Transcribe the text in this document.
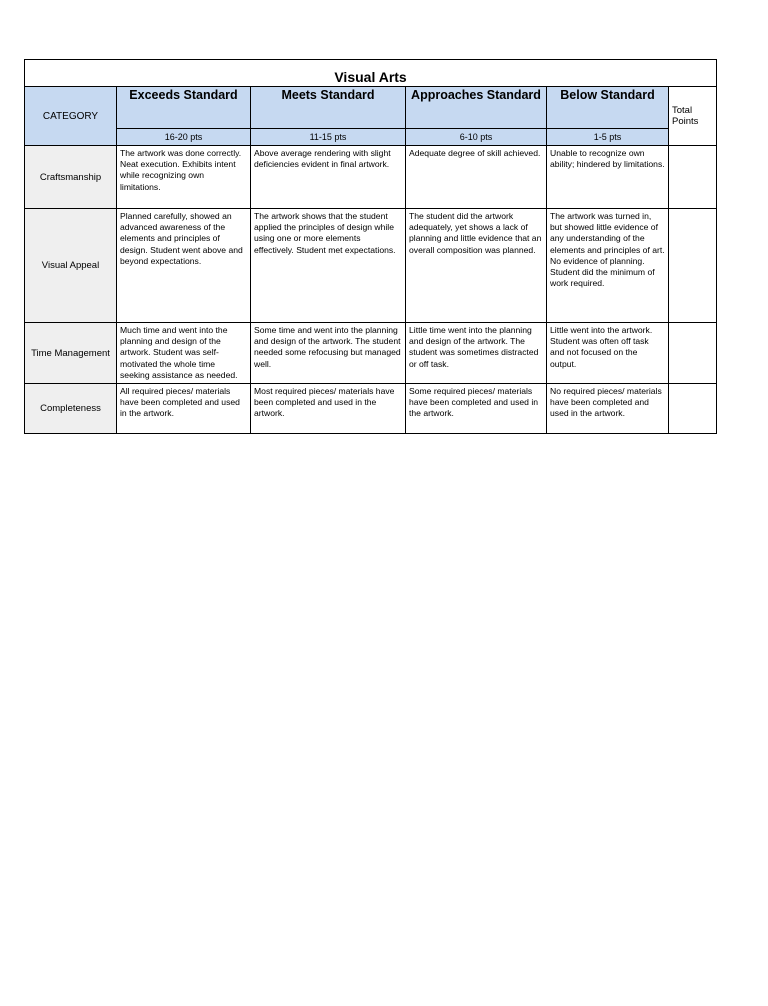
Visual Arts					
CATEGORY	Exceeds Standard	Meets Standard	Approaches Standard	Below Standard	Total Points
	16-20 pts	11-15 pts	6-10 pts	1-5 pts	
Craftsmanship	The artwork was done correctly. Neat execution. Exhibits intent while recognizing own limitations.	Above average rendering with slight deficiencies evident in final artwork.	Adequate degree of skill achieved.	Unable to recognize own ability; hindered by limitations.	
Visual Appeal	Planned carefully, showed an advanced awareness of the elements and principles of design. Student went above and beyond expectations.	The artwork shows that the student applied the principles of design while using one or more elements effectively. Student met expectations.	The student did the artwork adequately, yet shows a lack of planning and little evidence that an overall composition was planned.	The artwork was turned in, but showed little evidence of any understanding of the elements and principles of art. No evidence of planning. Student did the minimum of work required.	
Time Management	Much time and went into the planning and design of the artwork. Student was self-motivated the whole time seeking assistance as needed.	Some time and went into the planning and design of the artwork. The student needed some refocusing but managed well.	Little time went into the planning and design of the artwork. The student was sometimes distracted or off task.	Little went into the artwork. Student was often off task and not focused on the output.	
Completeness	All required pieces/ materials have been completed and used in the artwork.	Most required pieces/ materials have been completed and used in the artwork.	Some required pieces/ materials have been completed and used in the artwork.	No required pieces/ materials have been completed and used in the artwork.	
